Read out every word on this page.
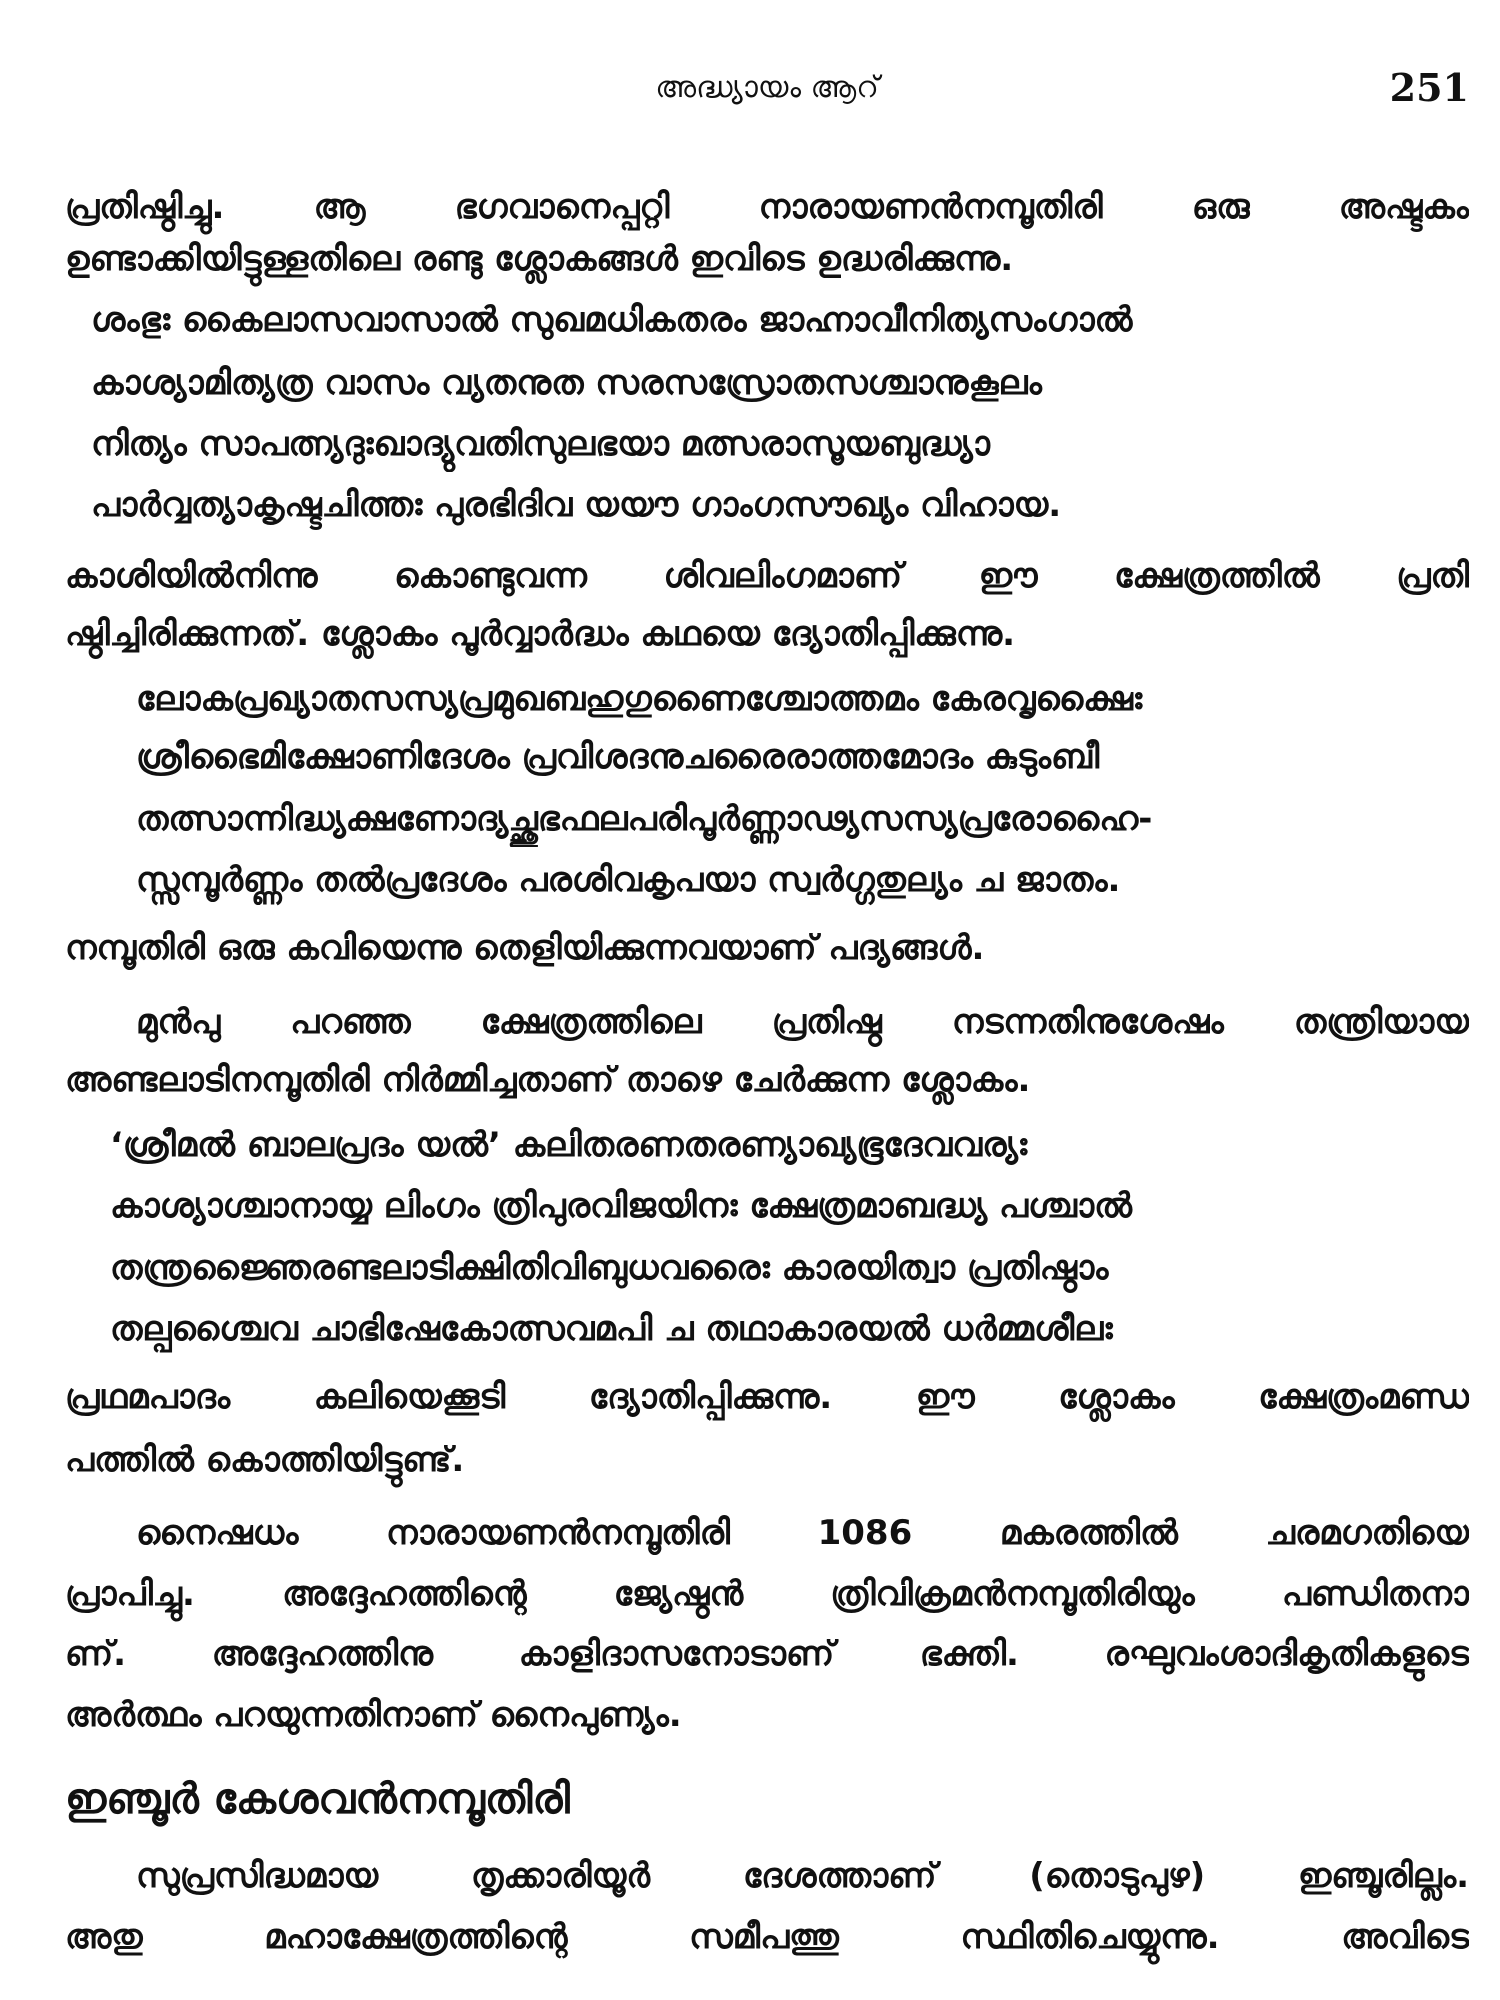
അദ്ധ്യായം ആറ്	251
പ്രതിഷ്ഠിച്ചു. ആ ഭഗവാനെപ്പറ്റി നാരായണൻനമ്പൂതിരി ഒരു അഷ്ടകം
ഉണ്ടാക്കിയിട്ടുള്ളതിലെ രണ്ടു ശ്ലോകങ്ങൾ ഇവിടെ ഉദ്ധരിക്കുന്നു.
ശംഭുഃ കൈലാസവാസാൽ സുഖമധികതരം ജാഹ്നാവീനിത്യസംഗാൽ
കാശ്യാമിത്യത്ര വാസം വ്യതനുത സരസസ്രോതസശ്ചാനുകൂലം
നിത്യം സാപത്ന്യദുഃഖാദ്യുവതിസുലഭയാ മത്സരാസൂയബുദ്ധ്യാ
പാർവ്വത്യാകൃഷ്ടചിത്തഃ പുരഭിദിവ യയൗ ഗാംഗസൗഖ്യം വിഹായ.
കാശിയിൽനിന്നു കൊണ്ടുവന്ന ശിവലിംഗമാണ് ഈ ക്ഷേത്രത്തിൽ പ്രതി
ഷ്ഠിച്ചിരിക്കുന്നത്. ശ്ലോകം പൂർവ്വാർദ്ധം കഥയെ ദ്യോതിപ്പിക്കുന്നു.
ലോകപ്രഖ്യാതസസ്യപ്രമുഖബഹുഗുണൈശ്ചോത്തമം കേരവൃക്ഷൈഃ
ശ്രീഭൈമിക്ഷോണിദേശം പ്രവിശദനുചരൈരാത്തമോദം കുടുംബീ
തത്സാന്നിദ്ധ്യക്ഷണോദ്യച്ഛുഭഫലപരിപൂർണ്ണാഢ്യസസ്യപ്രരോഹൈ-
സ്സമ്പൂർണ്ണം തൽപ്രദേശം പരശിവകൃപയാ സ്വർഗ്ഗതുല്യം ച ജാതം.
നമ്പൂതിരി ഒരു കവിയെന്നു തെളിയിക്കുന്നവയാണ് പദ്യങ്ങൾ.
മുൻപു പറഞ്ഞ ക്ഷേത്രത്തിലെ പ്രതിഷ്ഠ നടന്നതിനുശേഷം തന്ത്രിയായ
അണ്ടലാടിനമ്പൂതിരി നിർമ്മിച്ചതാണ് താഴെ ചേർക്കുന്ന ശ്ലോകം.
‘ശ്രീമൽ ബാലപ്രദം യൽ’ കലിതരണതരണ്യാഖ്യഭൂദേവവര്യഃ
കാശ്യാശ്ചാനായ്യ ലിംഗം ത്രിപുരവിജയിനഃ ക്ഷേത്രമാബദ്ധ്യ പശ്ചാൽ
തന്ത്രജ്ഞൈരണ്ടലാടിക്ഷിതിവിബുധവരൈഃ കാരയിത്വാ പ്രതിഷ്ഠാം
തല്പശ്ചൈവ ചാഭിഷേകോത്സവമപി ച തഥാകാരയൽ ധർമ്മശീലഃ
പ്രഥമപാദം കലിയെക്കൂടി ദ്യോതിപ്പിക്കുന്നു. ഈ ശ്ലോകം ക്ഷേത്രംമണ്ഡ
പത്തിൽ കൊത്തിയിട്ടുണ്ട്.
നൈഷധം നാരായണൻനമ്പൂതിരി 1086 മകരത്തിൽ ചരമഗതിയെ
പ്രാപിച്ചു. അദ്ദേഹത്തിന്റെ ജ്യേഷ്ഠൻ ത്രിവിക്രമൻനമ്പൂതിരിയും പണ്ഡിതനാ
ണ്. അദ്ദേഹത്തിനു കാളിദാസനോടാണ് ഭക്തി. രഘുവംശാദികൃതികളുടെ
അർത്ഥം പറയുന്നതിനാണ് നൈപുണ്യം.
ഇഞ്ചൂർ കേശവൻനമ്പൂതിരി
സുപ്രസിദ്ധമായ തൃക്കാരിയൂർ ദേശത്താണ് (തൊടുപുഴ) ഇഞ്ചൂരില്ലം.
അതു മഹാക്ഷേത്രത്തിന്റെ സമീപത്തു സ്ഥിതിചെയ്യുന്നു. അവിടെ
